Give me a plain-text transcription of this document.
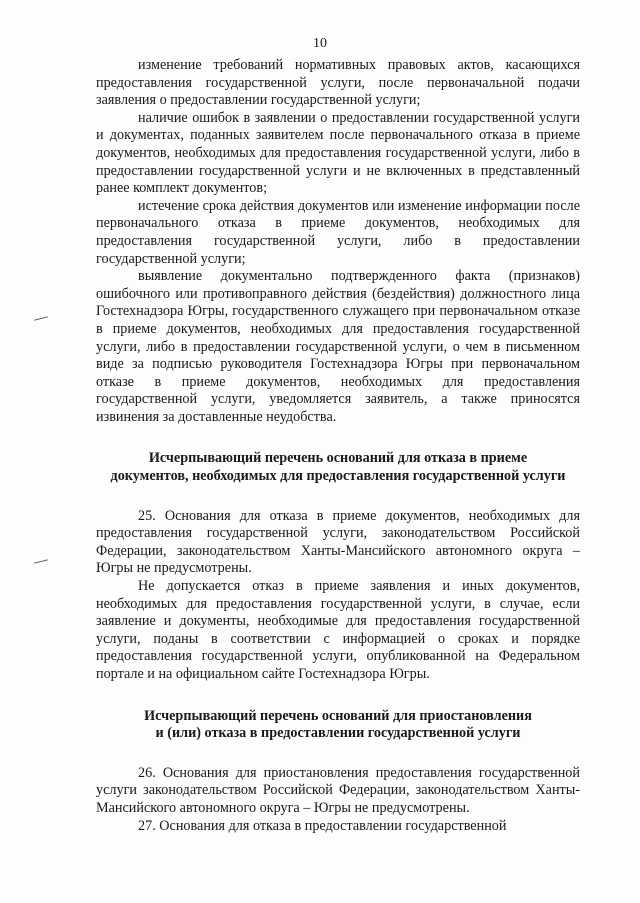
10

изменение требований нормативных правовых актов, касающихся предоставления государственной услуги, после первоначальной подачи заявления о предоставлении государственной услуги;

наличие ошибок в заявлении о предоставлении государственной услуги и документах, поданных заявителем после первоначального отказа в приеме документов, необходимых для предоставления государственной услуги, либо в предоставлении государственной услуги и не включенных в представленный ранее комплект документов;

истечение срока действия документов или изменение информации после первоначального отказа в приеме документов, необходимых для предоставления государственной услуги, либо в предоставлении государственной услуги;

выявление документально подтвержденного факта (признаков) ошибочного или противоправного действия (бездействия) должностного лица Гостехнадзора Югры, государственного служащего при первоначальном отказе в приеме документов, необходимых для предоставления государственной услуги, либо в предоставлении государственной услуги, о чем в письменном виде за подписью руководителя Гостехнадзора Югры при первоначальном отказе в приеме документов, необходимых для предоставления государственной услуги, уведомляется заявитель, а также приносятся извинения за доставленные неудобства.

Исчерпывающий перечень оснований для отказа в приеме
документов, необходимых для предоставления государственной услуги

25. Основания для отказа в приеме документов, необходимых для предоставления государственной услуги, законодательством Российской Федерации, законодательством Ханты-Мансийского автономного округа – Югры не предусмотрены.

Не допускается отказ в приеме заявления и иных документов, необходимых для предоставления государственной услуги, в случае, если заявление и документы, необходимые для предоставления государственной услуги, поданы в соответствии с информацией о сроках и порядке предоставления государственной услуги, опубликованной на Федеральном портале и на официальном сайте Гостехнадзора Югры.

Исчерпывающий перечень оснований для приостановления
и (или) отказа в предоставлении государственной услуги

26. Основания для приостановления предоставления государственной услуги законодательством Российской Федерации, законодательством Ханты-Мансийского автономного округа – Югры не предусмотрены.

27. Основания для отказа в предоставлении государственной
